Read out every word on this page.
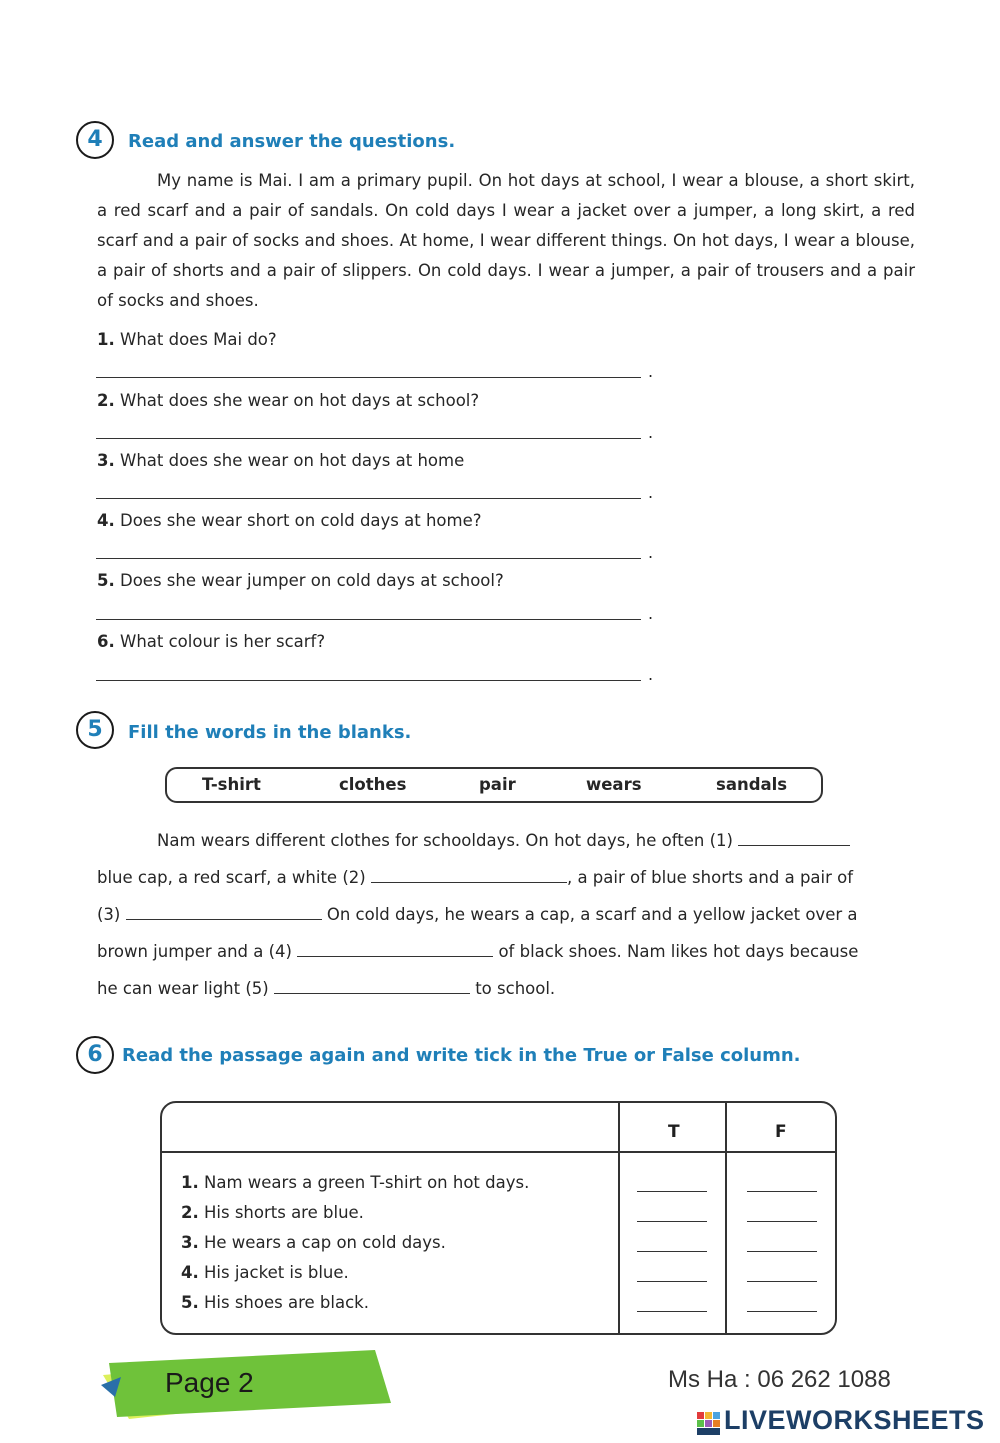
4	Read and answer the questions.
My name is Mai. I am a primary pupil. On hot days at school, I wear a blouse, a short skirt, a red scarf and a pair of sandals. On cold days I wear a jacket over a jumper, a long skirt, a red scarf and a pair of socks and shoes. At home, I wear different things. On hot days, I wear a blouse, a pair of shorts and a pair of slippers. On cold days. I wear a jumper, a pair of trousers and a pair of socks and shoes.
1. What does Mai do?
.
2. What does she wear on hot days at school?
.
3. What does she wear on hot days at home
.
4. Does she wear short on cold days at home?
.
5. Does she wear jumper on cold days at school?
.
6. What colour is her scarf?
.
5	Fill the words in the blanks.
T-shirt	clothes	pair	wears	sandals
Nam wears different clothes for schooldays. On hot days, he often (1)
blue cap, a red scarf, a white (2)	, a pair of blue shorts and a pair of
(3)	On cold days, he wears a cap, a scarf and a yellow jacket over a
brown jumper and a (4)	of black shoes. Nam likes hot days because
he can wear light (5)	to school.
6	Read the passage again and write tick in the True or False column.
T	F
1. Nam wears a green T-shirt on hot days.
2. His shorts are blue.
3. He wears a cap on cold days.
4. His jacket is blue.
5. His shoes are black.
Page 2	Ms Ha : 06 262 1088
LIVEWORKSHEETS
